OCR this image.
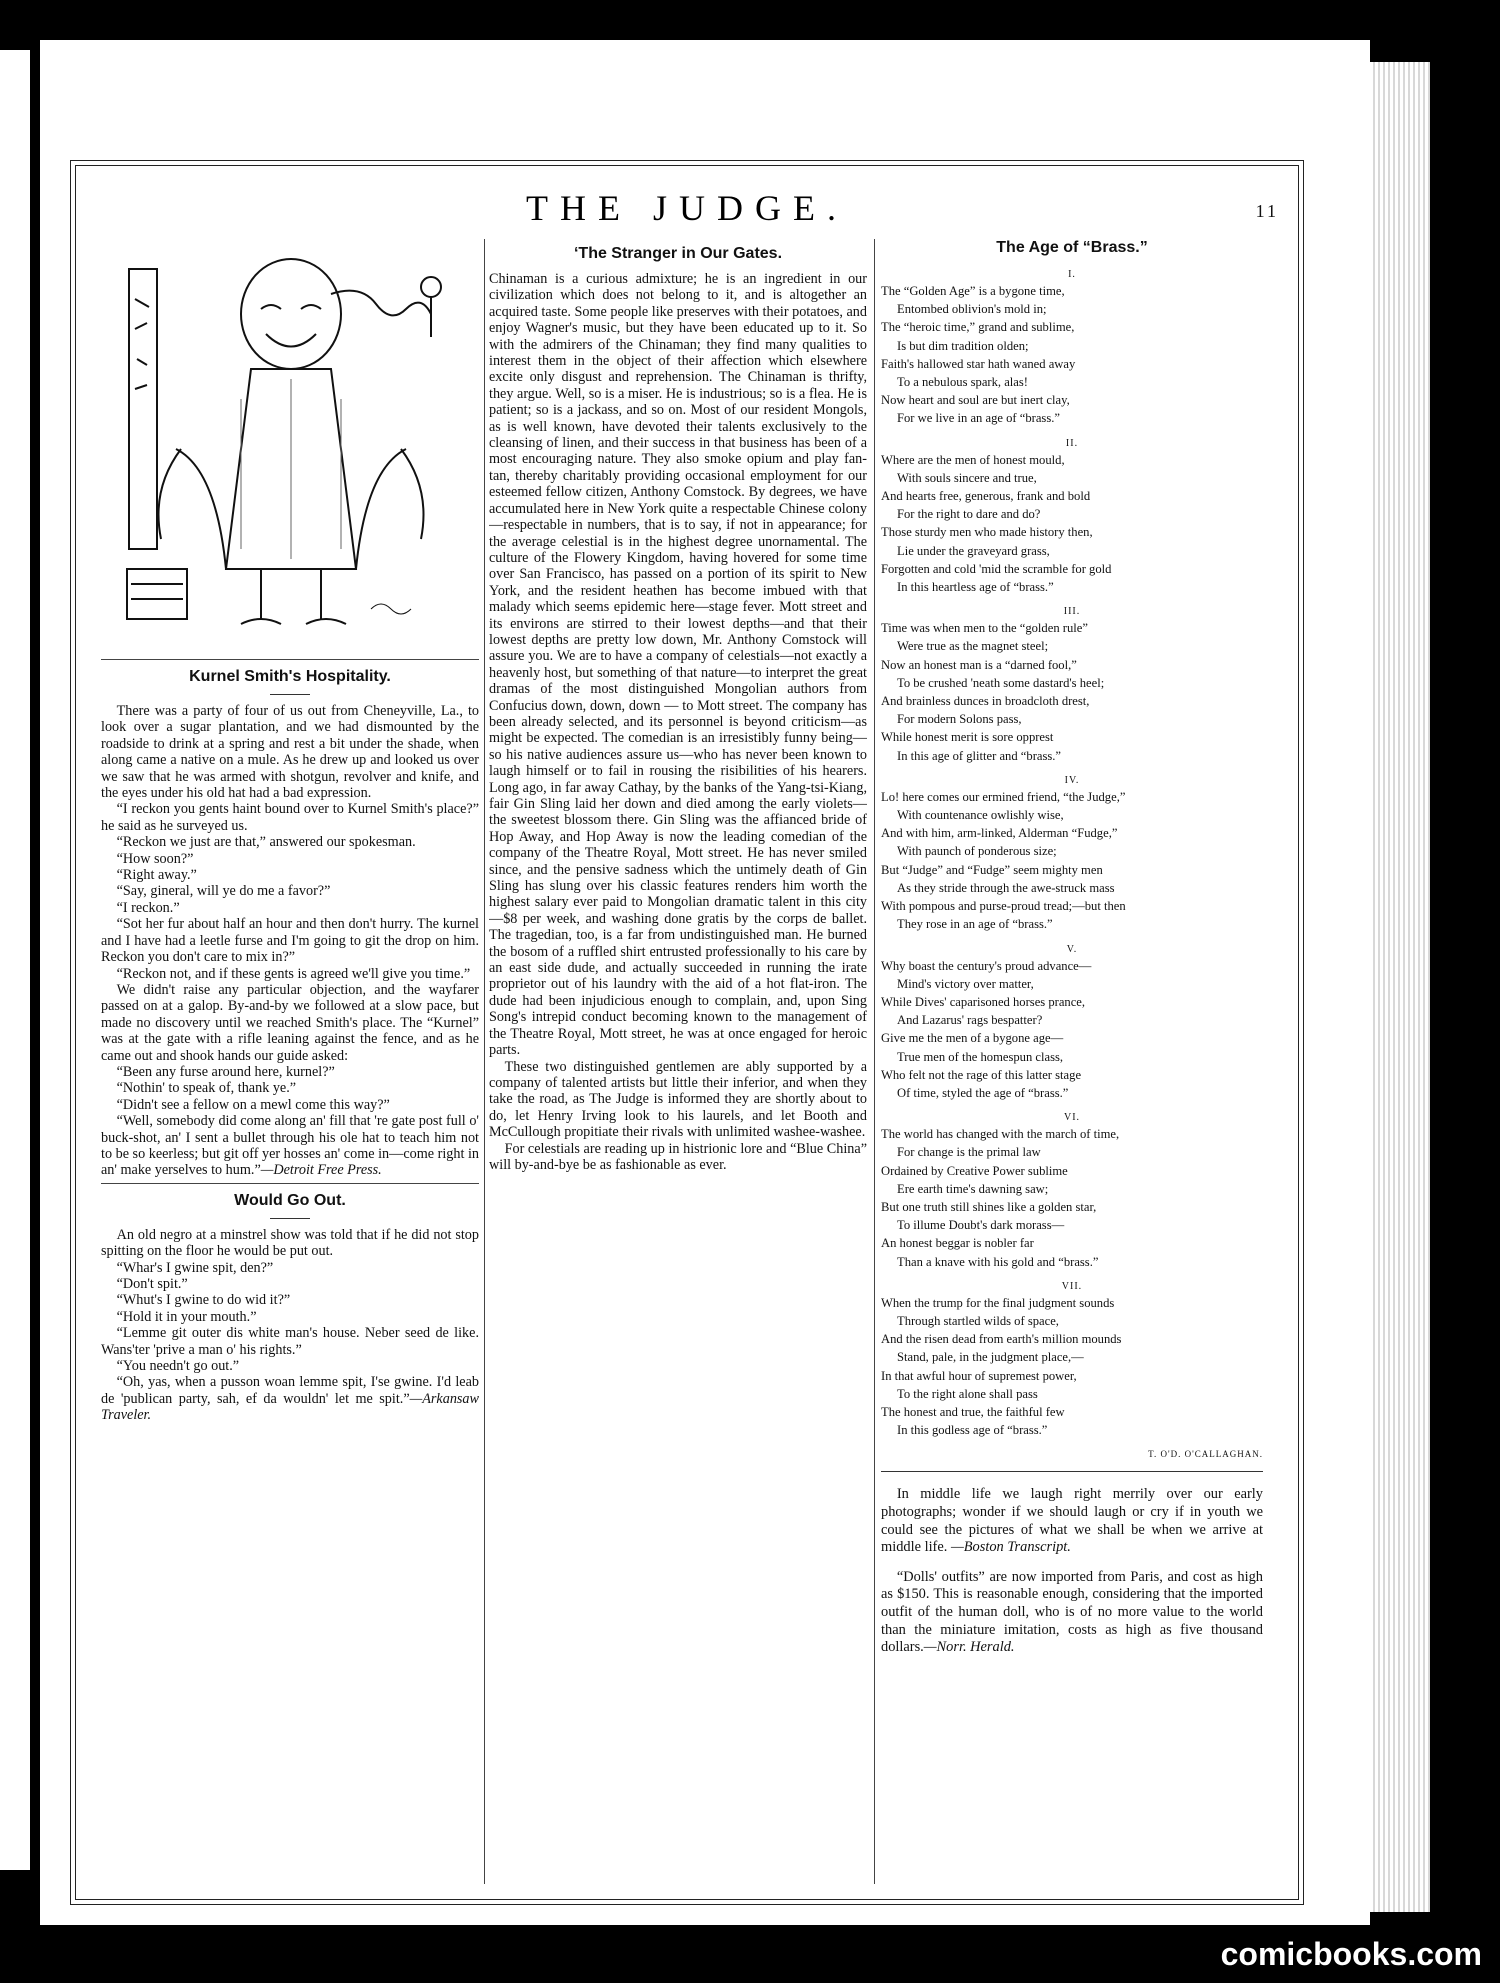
THE JUDGE.	11
Kurnel Smith's Hospitality.

There was a party of four of us out from Cheneyville, La., to look over a sugar plantation, and we had dismounted by the roadside to drink at a spring and rest a bit under the shade, when along came a native on a mule. As he drew up and looked us over we saw that he was armed with shotgun, revolver and knife, and the eyes under his old hat had a bad expression.

“I reckon you gents haint bound over to Kurnel Smith's place?” he said as he surveyed us.

“Reckon we just are that,” answered our spokesman.

“How soon?”

“Right away.”

“Say, gineral, will ye do me a favor?”

“I reckon.”

“Sot her fur about half an hour and then don't hurry. The kurnel and I have had a leetle furse and I'm going to git the drop on him. Reckon you don't care to mix in?”

“Reckon not, and if these gents is agreed we'll give you time.”

We didn't raise any particular objection, and the wayfarer passed on at a galop. By-and-by we followed at a slow pace, but made no discovery until we reached Smith's place. The “Kurnel” was at the gate with a rifle leaning against the fence, and as he came out and shook hands our guide asked:

“Been any furse around here, kurnel?”

“Nothin' to speak of, thank ye.”

“Didn't see a fellow on a mewl come this way?”

“Well, somebody did come along an' fill that 're gate post full o' buck-shot, an' I sent a bullet through his ole hat to teach him not to be so keerless; but git off yer hosses an' come in—come right in an' make yerselves to hum.”—Detroit Free Press.

Would Go Out.

An old negro at a minstrel show was told that if he did not stop spitting on the floor he would be put out.

“Whar's I gwine spit, den?”

“Don't spit.”

“Whut's I gwine to do wid it?”

“Hold it in your mouth.”

“Lemme git outer dis white man's house. Neber seed de like. Wans'ter 'prive a man o' his rights.”

“You needn't go out.”

“Oh, yas, when a pusson woan lemme spit, I'se gwine. I'd leab de 'publican party, sah, ef da wouldn' let me spit.”—Arkansaw Traveler.

‘The Stranger in Our Gates.

Chinaman is a curious admixture; he is an ingredient in our civilization which does not belong to it, and is altogether an acquired taste. Some people like preserves with their potatoes, and enjoy Wagner's music, but they have been educated up to it. So with the admirers of the Chinaman; they find many qualities to interest them in the object of their affection which elsewhere excite only disgust and reprehension. The Chinaman is thrifty, they argue. Well, so is a miser. He is industrious; so is a flea. He is patient; so is a jackass, and so on. Most of our resident Mongols, as is well known, have devoted their talents exclusively to the cleansing of linen, and their success in that business has been of a most encouraging nature. They also smoke opium and play fan-tan, thereby charitably providing occasional employment for our esteemed fellow citizen, Anthony Comstock. By degrees, we have accumulated here in New York quite a respectable Chinese colony—respectable in numbers, that is to say, if not in appearance; for the average celestial is in the highest degree unornamental. The culture of the Flowery Kingdom, having hovered for some time over San Francisco, has passed on a portion of its spirit to New York, and the resident heathen has become imbued with that malady which seems epidemic here—stage fever. Mott street and its environs are stirred to their lowest depths—and that their lowest depths are pretty low down, Mr. Anthony Comstock will assure you. We are to have a company of celestials—not exactly a heavenly host, but something of that nature—to interpret the great dramas of the most distinguished Mongolian authors from Confucius down, down, down — to Mott street. The company has been already selected, and its personnel is beyond criticism—as might be expected. The comedian is an irresistibly funny being—so his native audiences assure us—who has never been known to laugh himself or to fail in rousing the risibilities of his hearers. Long ago, in far away Cathay, by the banks of the Yang-tsi-Kiang, fair Gin Sling laid her down and died among the early violets—the sweetest blossom there. Gin Sling was the affianced bride of Hop Away, and Hop Away is now the leading comedian of the company of the Theatre Royal, Mott street. He has never smiled since, and the pensive sadness which the untimely death of Gin Sling has slung over his classic features renders him worth the highest salary ever paid to Mongolian dramatic talent in this city—$8 per week, and washing done gratis by the corps de ballet. The tragedian, too, is a far from undistinguished man. He burned the bosom of a ruffled shirt entrusted professionally to his care by an east side dude, and actually succeeded in running the irate proprietor out of his laundry with the aid of a hot flat-iron. The dude had been injudicious enough to complain, and, upon Sing Song's intrepid conduct becoming known to the management of the Theatre Royal, Mott street, he was at once engaged for heroic parts.

These two distinguished gentlemen are ably supported by a company of talented artists but little their inferior, and when they take the road, as The Judge is informed they are shortly about to do, let Henry Irving look to his laurels, and let Booth and McCullough propitiate their rivals with unlimited washee-washee.

For celestials are reading up in histrionic lore and “Blue China” will by-and-bye be as fashionable as ever.

The Age of “Brass.”
I.
The “Golden Age” is a bygone time,
Entombed oblivion's mold in;
The “heroic time,” grand and sublime,
Is but dim tradition olden;
Faith's hallowed star hath waned away
To a nebulous spark, alas!
Now heart and soul are but inert clay,
For we live in an age of “brass.”
II.
Where are the men of honest mould,
With souls sincere and true,
And hearts free, generous, frank and bold
For the right to dare and do?
Those sturdy men who made history then,
Lie under the graveyard grass,
Forgotten and cold 'mid the scramble for gold
In this heartless age of “brass.”
III.
Time was when men to the “golden rule”
Were true as the magnet steel;
Now an honest man is a “darned fool,”
To be crushed 'neath some dastard's heel;
And brainless dunces in broadcloth drest,
For modern Solons pass,
While honest merit is sore opprest
In this age of glitter and “brass.”
IV.
Lo! here comes our ermined friend, “the Judge,”
With countenance owlishly wise,
And with him, arm-linked, Alderman “Fudge,”
With paunch of ponderous size;
But “Judge” and “Fudge” seem mighty men
As they stride through the awe-struck mass
With pompous and purse-proud tread;—but then
They rose in an age of “brass.”
V.
Why boast the century's proud advance—
Mind's victory over matter,
While Dives' caparisoned horses prance,
And Lazarus' rags bespatter?
Give me the men of a bygone age—
True men of the homespun class,
Who felt not the rage of this latter stage
Of time, styled the age of “brass.”
VI.
The world has changed with the march of time,
For change is the primal law
Ordained by Creative Power sublime
Ere earth time's dawning saw;
But one truth still shines like a golden star,
To illume Doubt's dark morass—
An honest beggar is nobler far
Than a knave with his gold and “brass.”
VII.
When the trump for the final judgment sounds
Through startled wilds of space,
And the risen dead from earth's million mounds
Stand, pale, in the judgment place,—
In that awful hour of supremest power,
To the right alone shall pass
The honest and true, the faithful few
In this godless age of “brass.”
T. O'D. O'CALLAGHAN.

In middle life we laugh right merrily over our early photographs; wonder if we should laugh or cry if in youth we could see the pictures of what we shall be when we arrive at middle life. —Boston Transcript.

“Dolls' outfits” are now imported from Paris, and cost as high as $150. This is reasonable enough, considering that the imported outfit of the human doll, who is of no more value to the world than the miniature imitation, costs as high as five thousand dollars.—Norr. Herald.

comicbooks.com
